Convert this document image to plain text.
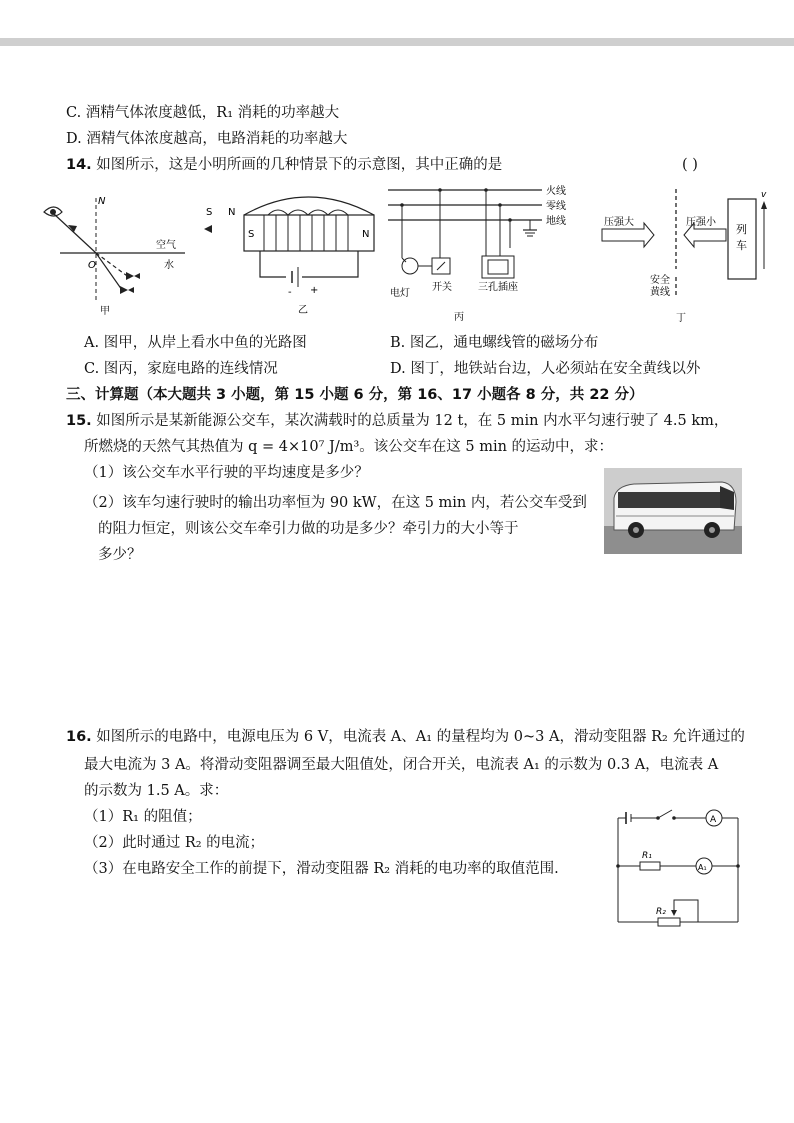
C. 酒精气体浓度越低，R₁ 消耗的功率越大
D. 酒精气体浓度越高，电路消耗的功率越大
14. 如图所示，这是小明所画的几种情景下的示意图，其中正确的是	( )
N
O
空气
水
甲
S N
S	N
- +
乙
火线
零线
地线
电灯
开关	三孔插座
丙
压强大	压强小
列
车
v
安全
黄线
丁
A. 图甲，从岸上看水中鱼的光路图	B. 图乙，通电螺线管的磁场分布
C. 图丙，家庭电路的连线情况	D. 图丁，地铁站台边，人必须站在安全黄线以外
三、计算题（本大题共 3 小题，第 15 小题 6 分，第 16、17 小题各 8 分，共 22 分）
15. 如图所示是某新能源公交车，某次满载时的总质量为 12 t，在 5 min 内水平匀速行驶了 4.5 km，
所燃烧的天然气其热值为 q = 4×10⁷ J/m³。该公交车在这 5 min 的运动中，求：
（1）该公交车水平行驶的平均速度是多少？
（2）该车匀速行驶时的输出功率恒为 90 kW，在这 5 min 内，若公交车受到
的阻力恒定，则该公交车牵引力做的功是多少？牵引力的大小等于
多少？
16. 如图所示的电路中，电源电压为 6 V，电流表 A、A₁ 的量程均为 0~3 A，滑动变阻器 R₂ 允许通过的
最大电流为 3 A。将滑动变阻器调至最大阻值处，闭合开关，电流表 A₁ 的示数为 0.3 A，电流表 A
的示数为 1.5 A。求：
（1）R₁ 的阻值；
（2）此时通过 R₂ 的电流；
（3）在电路安全工作的前提下，滑动变阻器 R₂ 消耗的电功率的取值范围.
A
A₁
R₁
R₂
